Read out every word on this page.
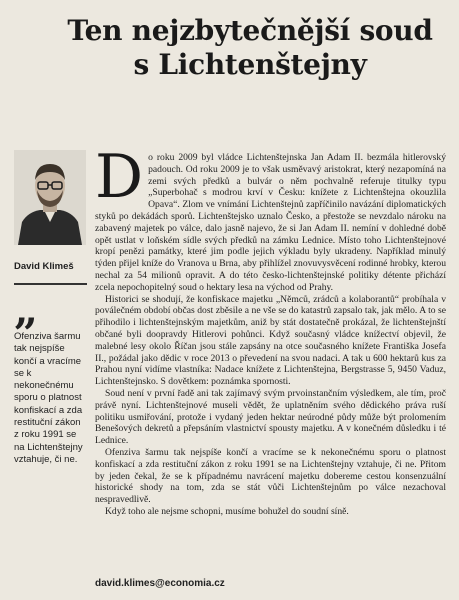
Ten nejzbytečnější soud s Lichtenštejny
David Klimeš
„
Ofenziva šarmu tak nejspíše končí a vracíme se k nekonečnému sporu o platnost konfiskací a zda restituční zákon z roku 1991 se na Lichtenštejny vztahuje, či ne.

Do roku 2009 byl vládce Lichtenštejnska Jan Adam II. bezmála hitlerovský padouch. Od roku 2009 je to však usměvavý aristokrat, který nezapomíná na zemi svých předků a bulvár o něm pochvalně referuje titulky typu „Superbohač s modrou krví v Česku: knížete z Lichtenštejna okouzlila Opava“. Zlom ve vnímání Lichtenštejnů zapříčinilo navázání diplomatických styků po dekádách sporů. Lichtenštejsko uznalo Česko, a přestože se nevzdalo nároku na zabavený majetek po válce, dalo jasně najevo, že si Jan Adam II. nemíní v dohledné době opět ustlat v loňském sídle svých předků na zámku Lednice. Místo toho Lichtenštejnové kropí penězi památky, které jim podle jejich výkladu byly ukradeny. Například minulý týden přijel kníže do Vranova u Brna, aby přihlížel znovuvysvěcení rodinné hrobky, kterou nechal za 54 milionů opravit. A do této česko-lichtenštejnské politiky détente přichází zcela nepochopitelný soud o hektary lesa na východ od Prahy.

Historici se shodují, že konfiskace majetku „Němců, zrádců a kolaborantů“ probíhala v poválečném období občas dost zběsile a ne vše se do katastrů zapsalo tak, jak mělo. A to se přihodilo i lichtenštejnským majetkům, aniž by stát dostatečně prokázal, že lichtenštejnští občané byli doopravdy Hitlerovi pohůnci. Když současný vládce knížectví objevil, že malebné lesy okolo Říčan jsou stále zapsány na otce současného knížete Františka Josefa II., požádal jako dědic v roce 2013 o převedení na svou nadaci. A tak u 600 hektarů kus za Prahou nyní vidíme vlastníka: Nadace knížete z Lichtenštejna, Bergstrasse 5, 9450 Vaduz, Lichtenštejnsko. S dovětkem: poznámka spornosti.

Soud není v první řadě ani tak zajímavý svým prvoinstančním výsledkem, ale tím, proč právě nyní. Lichtenštejnové museli vědět, že uplatněním svého dědického práva ruší politiku usmiřování, protože i vydaný jeden hektar neúrodné půdy může být prolomením Benešových dekretů a přepsáním vlastnictví spousty majetku. A v konečném důsledku i té Lednice.

Ofenziva šarmu tak nejspíše končí a vracíme se k nekonečnému sporu o platnost konfiskací a zda restituční zákon z roku 1991 se na Lichtenštejny vztahuje, či ne. Přitom by jeden čekal, že se k případnému navrácení majetku dobereme cestou konsenzuální historické shody na tom, zda se stát vůči Lichtenštejnům po válce nezachoval nespravedlivě.

Když toho ale nejsme schopni, musíme bohužel do soudní síně.

david.klimes@economia.cz
